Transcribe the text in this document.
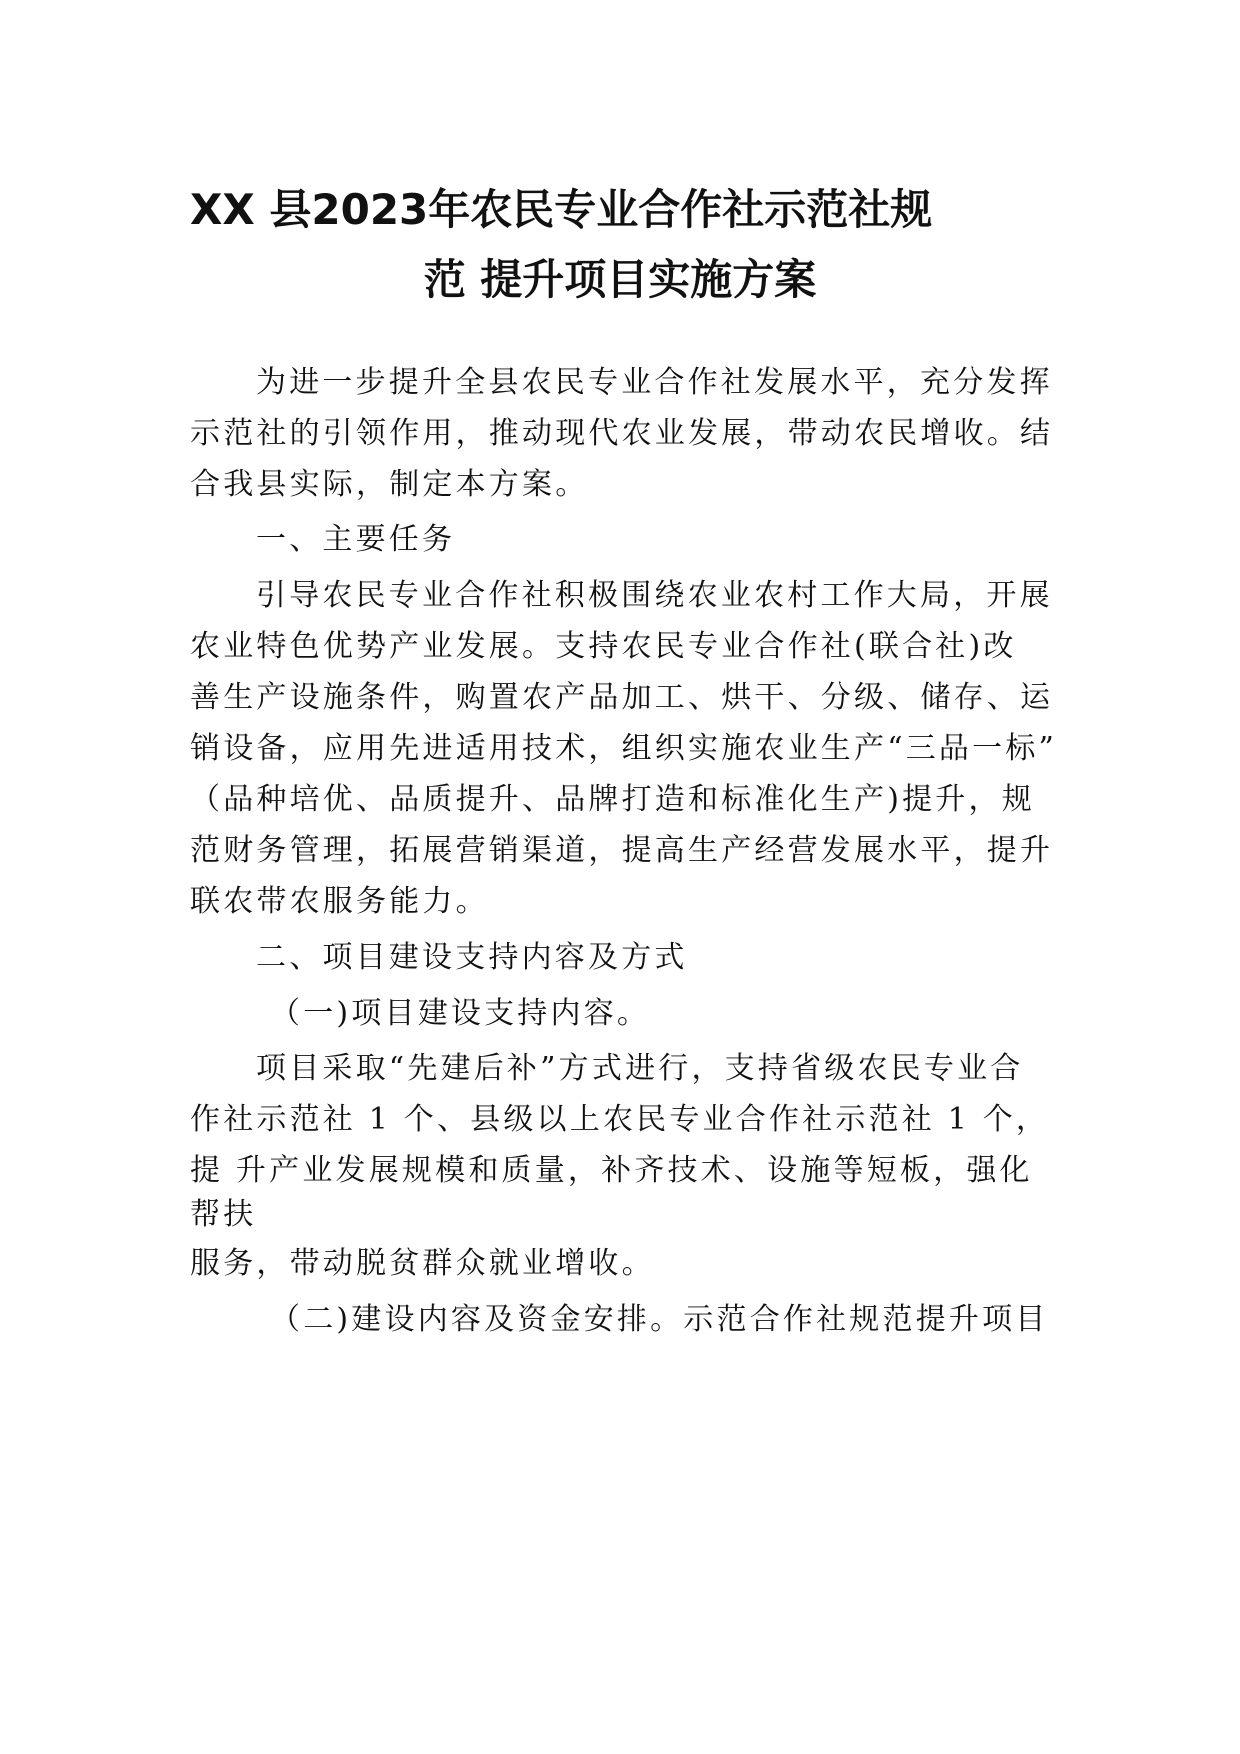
XX 县2023年农民专业合作社示范社规
范 提升项目实施方案
为进一步提升全县农民专业合作社发展水平，充分发挥
示范社的引领作用，推动现代农业发展，带动农民增收。结
合我县实际，制定本方案。
一、主要任务
引导农民专业合作社积极围绕农业农村工作大局，开展
农业特色优势产业发展。支持农民专业合作社(联合社)改
善生产设施条件，购置农产品加工、烘干、分级、储存、运
销设备，应用先进适用技术，组织实施农业生产“三品一标”
（品种培优、品质提升、品牌打造和标准化生产)提升，规
范财务管理，拓展营销渠道，提高生产经营发展水平，提升
联农带农服务能力。
二、项目建设支持内容及方式
（一)项目建设支持内容。
项目采取“先建后补”方式进行，支持省级农民专业合
作社示范社 1 个、县级以上农民专业合作社示范社 1 个，
提 升产业发展规模和质量，补齐技术、设施等短板，强化
帮扶
服务，带动脱贫群众就业增收。
（二)建设内容及资金安排。示范合作社规范提升项目
